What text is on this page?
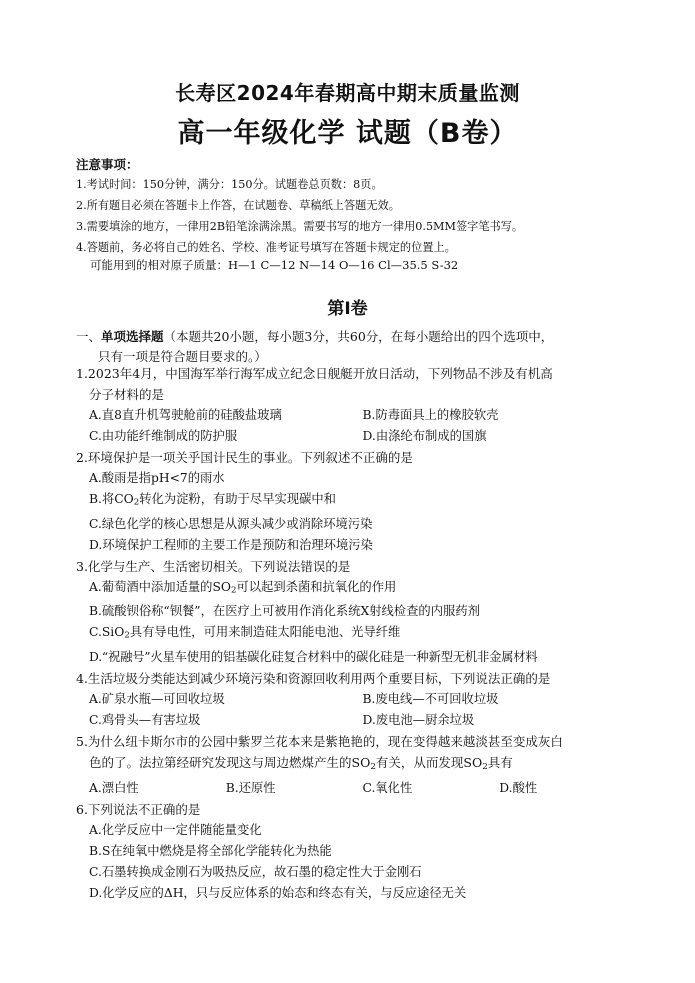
长寿区2024年春期高中期末质量监测
高一年级化学 试题（B卷）
注意事项：
1.考试时间：150分钟，满分：150分。试题卷总页数：8页。
2.所有题目必须在答题卡上作答，在试题卷、草稿纸上答题无效。
3.需要填涂的地方，一律用2B铅笔涂满涂黑。需要书写的地方一律用0.5MM签字笔书写。
4.答题前，务必将自己的姓名、学校、准考证号填写在答题卡规定的位置上。
可能用到的相对原子质量：H—1 C—12 N—14 O—16 Cl—35.5 S-32
第Ⅰ卷
一、单项选择题（本题共20小题，每小题3分，共60分，在每小题给出的四个选项中，
只有一项是符合题目要求的。）
1.2023年4月，中国海军举行海军成立纪念日舰艇开放日活动，下列物品不涉及有机高
分子材料的是
A.直8直升机驾驶舱前的硅酸盐玻璃	B.防毒面具上的橡胶软壳
C.由功能纤维制成的防护服	D.由涤纶布制成的国旗
2.环境保护是一项关乎国计民生的事业。下列叙述不正确的是
A.酸雨是指pH<7的雨水
B.将$CO_2$转化为淀粉，有助于尽早实现碳中和
C.绿色化学的核心思想是从源头减少或消除环境污染
D.环境保护工程师的主要工作是预防和治理环境污染
3.化学与生产、生活密切相关。下列说法错误的是
A.葡萄酒中添加适量的$SO_2$可以起到杀菌和抗氧化的作用
B.硫酸钡俗称“钡餐”，在医疗上可被用作消化系统X射线检查的内服药剂
C.SiO$_2$具有导电性，可用来制造硅太阳能电池、光导纤维
D.“祝融号”火星车使用的铝基碳化硅复合材料中的碳化硅是一种新型无机非金属材料
4.生活垃圾分类能达到减少环境污染和资源回收利用两个重要目标，下列说法正确的是
A.矿泉水瓶—可回收垃圾	B.废电线—不可回收垃圾
C.鸡骨头—有害垃圾	D.废电池—厨余垃圾
5.为什么纽卡斯尔市的公园中紫罗兰花本来是紫艳艳的，现在变得越来越淡甚至变成灰白
色的了。法拉第经研究发现这与周边燃煤产生的$SO_2$有关，从而发现$SO_2$具有
A.漂白性	B.还原性	C.氧化性	D.酸性
6.下列说法不正确的是
A.化学反应中一定伴随能量变化
B.S在纯氧中燃烧是将全部化学能转化为热能
C.石墨转换成金刚石为吸热反应，故石墨的稳定性大于金刚石
D.化学反应的ΔH，只与反应体系的始态和终态有关，与反应途径无关
